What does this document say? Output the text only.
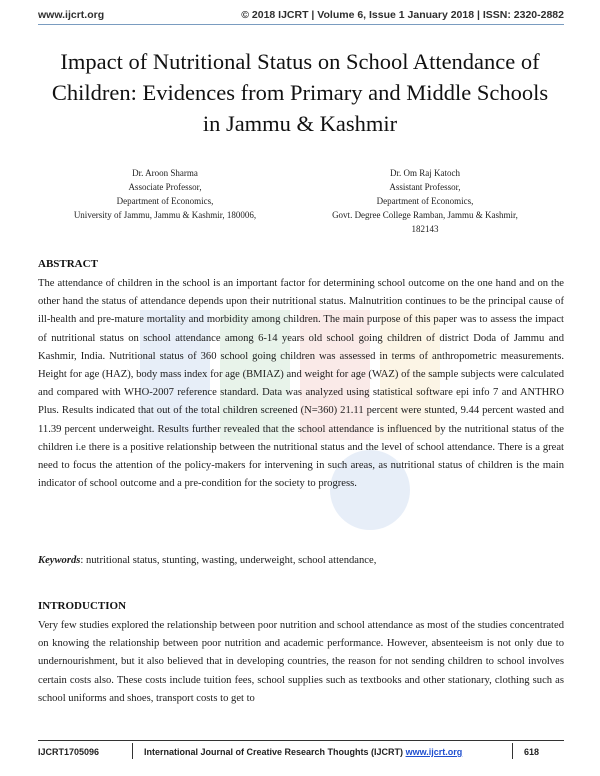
www.ijcrt.org	© 2018 IJCRT | Volume 6, Issue 1 January 2018 | ISSN: 2320-2882
Impact of Nutritional Status on School Attendance of
Children: Evidences from Primary and Middle Schools
in Jammu & Kashmir
Dr. Aroon Sharma
Associate Professor,
Department of Economics,
University of Jammu, Jammu & Kashmir, 180006,
Dr. Om Raj Katoch
Assistant Professor,
Department of Economics,
Govt. Degree College Ramban, Jammu & Kashmir,
182143
ABSTRACT
The attendance of children in the school is an important factor for determining school outcome on the one hand and on the other hand the status of attendance depends upon their nutritional status. Malnutrition continues to be the principal cause of ill-health and pre-mature mortality and morbidity among children. The main purpose of this paper was to assess the impact of nutritional status on school attendance among 6-14 years old school going children of district Doda of Jammu and Kashmir, India. Nutritional status of 360 school going children was assessed in terms of anthropometric measurements. Height for age (HAZ), body mass index for age (BMIAZ) and weight for age (WAZ) of the sample subjects were calculated and compared with WHO-2007 reference standard. Data was analyzed using statistical software epi info 7 and ANTHRO Plus. Results indicated that out of the total children screened (N=360) 21.11 percent were stunted, 9.44 percent wasted and 11.39 percent underweight. Results further revealed that the school attendance is influenced by the nutritional status of the children i.e there is a positive relationship between the nutritional status and the level of school attendance. There is a great need to focus the attention of the policy-makers for intervening in such areas, as nutritional status of children is the main indicator of school outcome and a pre-condition for the society to progress.
Keywords: nutritional status, stunting, wasting, underweight, school attendance,
INTRODUCTION
Very few studies explored the relationship between poor nutrition and school attendance as most of the studies concentrated on knowing the relationship between poor nutrition and academic performance. However, absenteeism is not only due to undernourishment, but it also believed that in developing countries, the reason for not sending children to school involves certain costs also. These costs include tuition fees, school supplies such as textbooks and other stationary, clothing such as school uniforms and shoes, transport costs to get to
IJCRT1705096	International Journal of Creative Research Thoughts (IJCRT) www.ijcrt.org	618
